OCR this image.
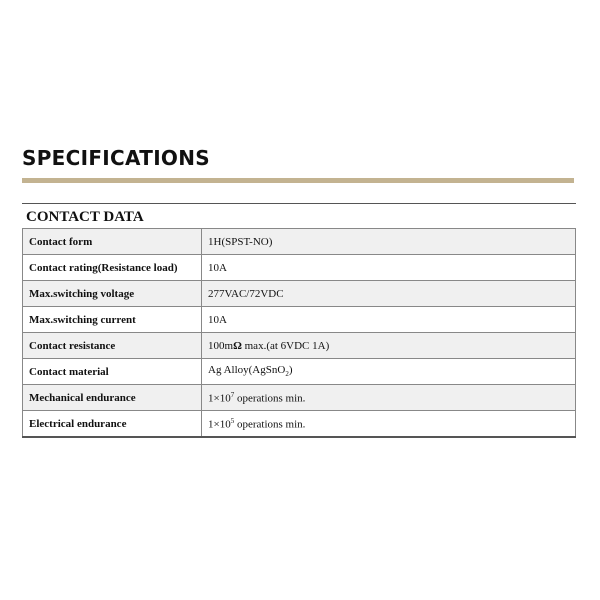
SPECIFICATIONS
CONTACT DATA
Contact form	1H(SPST-NO)
Contact rating(Resistance load)	10A
Max.switching voltage	277VAC/72VDC
Max.switching current	10A
Contact resistance	100mΩ max.(at 6VDC 1A)
Contact material	Ag Alloy(AgSnO$_2$)
Mechanical endurance	$1\times 10^7$ operations min.
Electrical endurance	$1\times 10^5$ operations min.
